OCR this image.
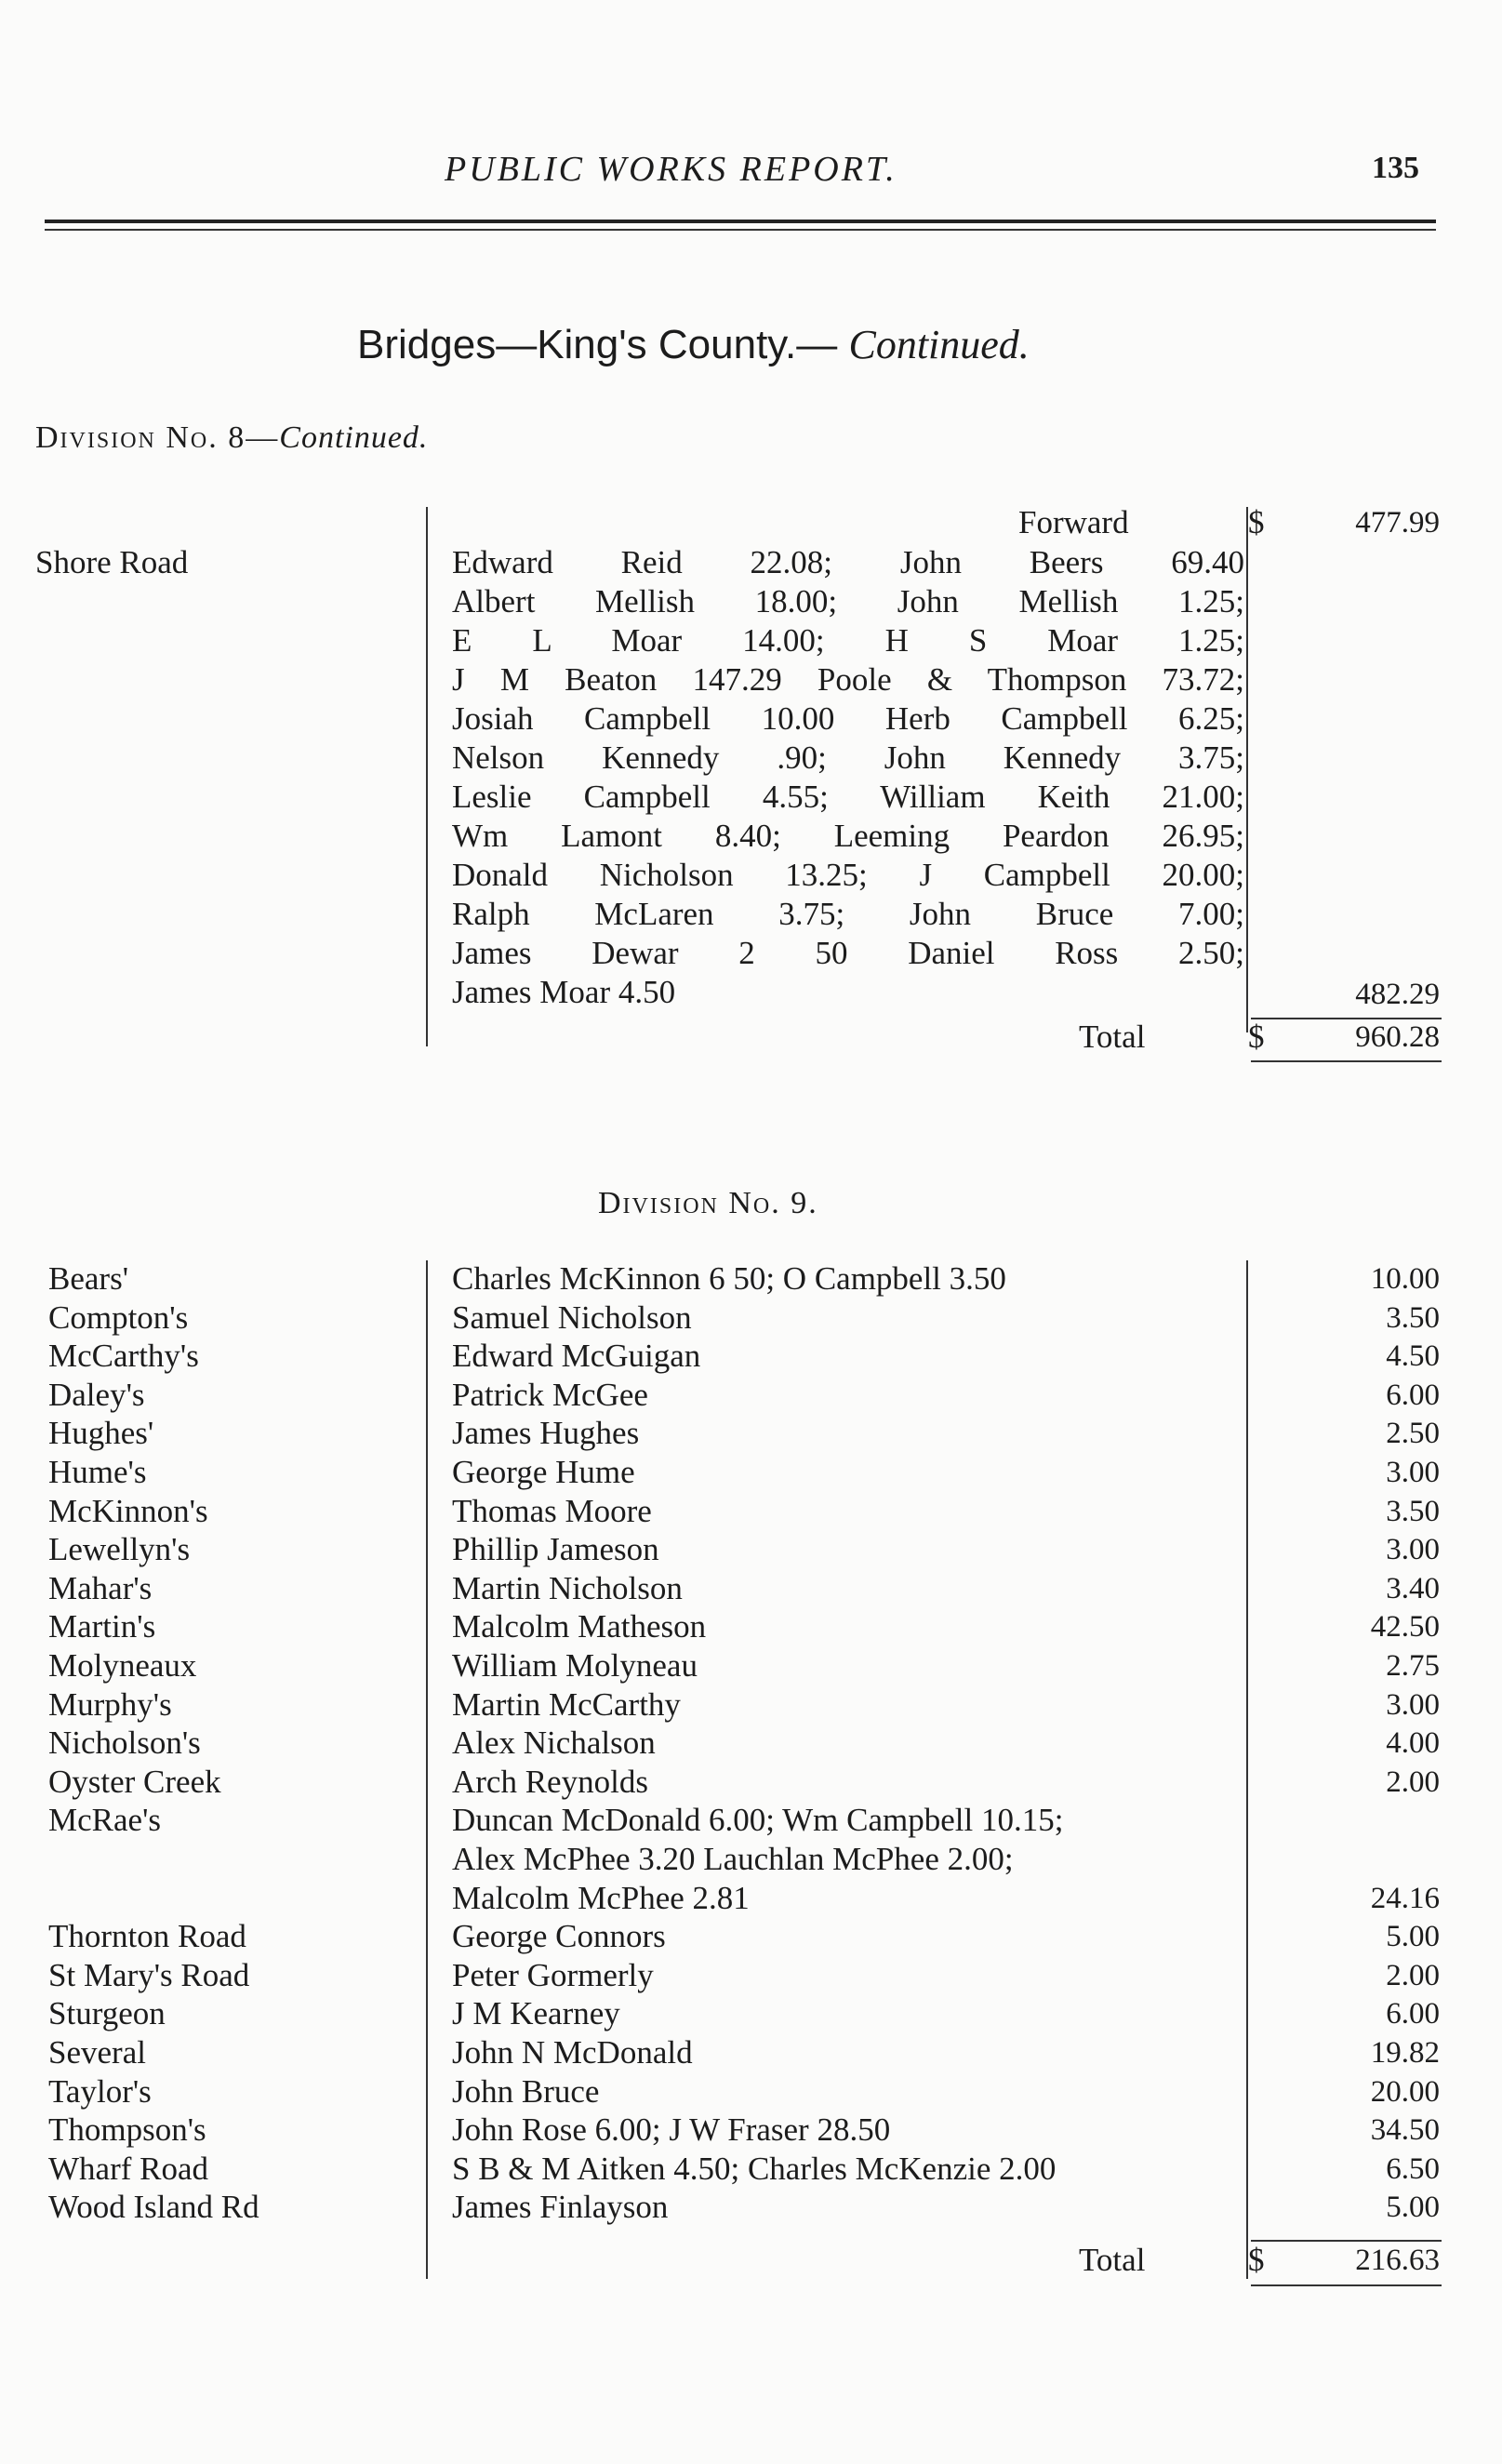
PUBLIC WORKS REPORT.	135
Bridges—King's County.— Continued.
Division No. 8—Continued.
Forward	$	477.99
Shore Road	Edward Reid 22.08; John Beers 69.40
Albert Mellish 18.00; John Mellish 1.25;
E L Moar 14.00; H S Moar 1.25;
J M Beaton 147.29 Poole & Thompson 73.72;
Josiah Campbell 10.00 Herb Campbell 6.25;
Nelson Kennedy .90; John Kennedy 3.75;
Leslie Campbell 4.55; William Keith 21.00;
Wm Lamont 8.40; Leeming Peardon 26.95;
Donald Nicholson 13.25; J Campbell 20.00;
Ralph McLaren 3.75; John Bruce 7.00;
James Dewar 2 50 Daniel Ross 2.50;
James Moar 4.50	482.29
Total	$	960.28
Division No. 9.
Bears'	Charles McKinnon 6 50; O Campbell 3.50	10.00
Compton's	Samuel Nicholson	3.50
McCarthy's	Edward McGuigan	4.50
Daley's	Patrick McGee	6.00
Hughes'	James Hughes	2.50
Hume's	George Hume	3.00
McKinnon's	Thomas Moore	3.50
Lewellyn's	Phillip Jameson	3.00
Mahar's	Martin Nicholson	3.40
Martin's	Malcolm Matheson	42.50
Molyneaux	William Molyneau	2.75
Murphy's	Martin McCarthy	3.00
Nicholson's	Alex Nichalson	4.00
Oyster Creek	Arch Reynolds	2.00
McRae's	Duncan McDonald 6.00; Wm Campbell 10.15;
Alex McPhee 3.20 Lauchlan McPhee 2.00;
Malcolm McPhee 2.81	24.16
Thornton Road	George Connors	5.00
St Mary's Road	Peter Gormerly	2.00
Sturgeon	J M Kearney	6.00
Several	John N McDonald	19.82
Taylor's	John Bruce	20.00
Thompson's	John Rose 6.00; J W Fraser 28.50	34.50
Wharf Road	S B & M Aitken 4.50; Charles McKenzie 2.00	6.50
Wood Island Rd	James Finlayson	5.00
Total	$	216.63
